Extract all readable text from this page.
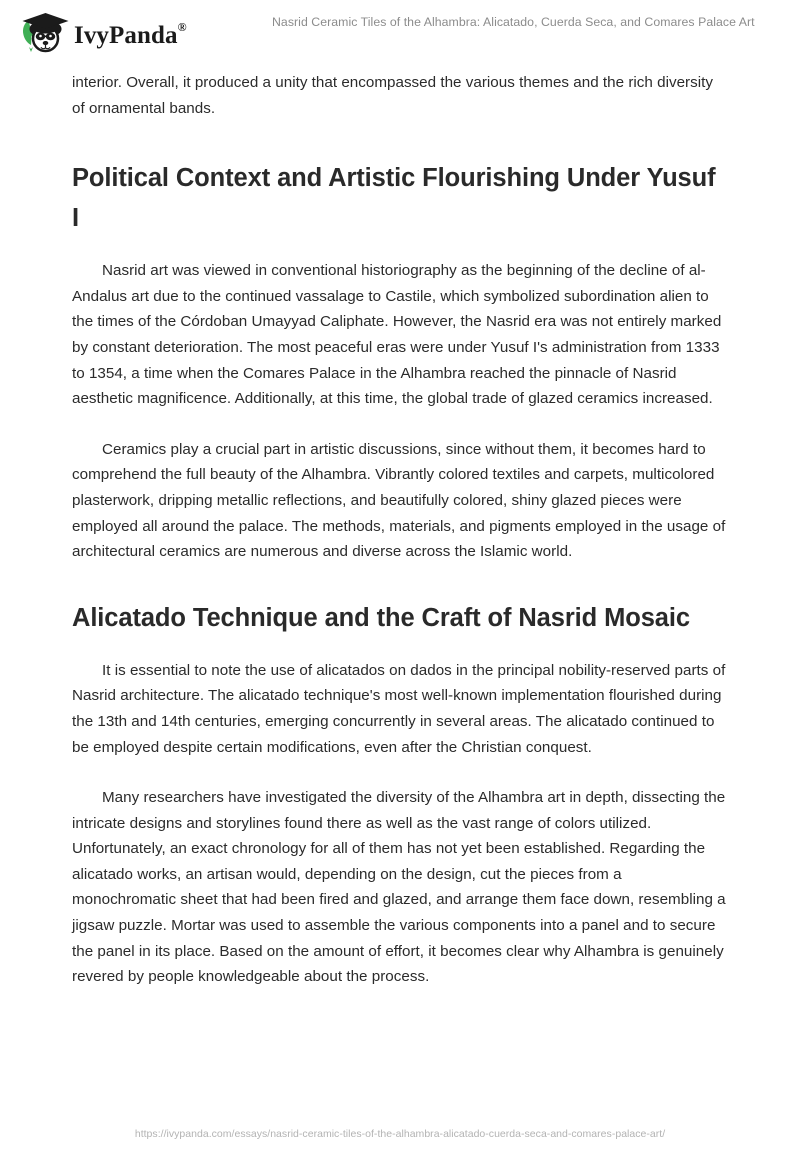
IvyPanda®	Nasrid Ceramic Tiles of the Alhambra: Alicatado, Cuerda Seca, and Comares Palace Art

interior. Overall, it produced a unity that encompassed the various themes and the rich diversity of ornamental bands.

Political Context and Artistic Flourishing Under Yusuf I

Nasrid art was viewed in conventional historiography as the beginning of the decline of al-Andalus art due to the continued vassalage to Castile, which symbolized subordination alien to the times of the Córdoban Umayyad Caliphate. However, the Nasrid era was not entirely marked by constant deterioration. The most peaceful eras were under Yusuf I's administration from 1333 to 1354, a time when the Comares Palace in the Alhambra reached the pinnacle of Nasrid aesthetic magnificence. Additionally, at this time, the global trade of glazed ceramics increased.

Ceramics play a crucial part in artistic discussions, since without them, it becomes hard to comprehend the full beauty of the Alhambra. Vibrantly colored textiles and carpets, multicolored plasterwork, dripping metallic reflections, and beautifully colored, shiny glazed pieces were employed all around the palace. The methods, materials, and pigments employed in the usage of architectural ceramics are numerous and diverse across the Islamic world.

Alicatado Technique and the Craft of Nasrid Mosaic

It is essential to note the use of alicatados on dados in the principal nobility-reserved parts of Nasrid architecture. The alicatado technique's most well-known implementation flourished during the 13th and 14th centuries, emerging concurrently in several areas. The alicatado continued to be employed despite certain modifications, even after the Christian conquest.

Many researchers have investigated the diversity of the Alhambra art in depth, dissecting the intricate designs and storylines found there as well as the vast range of colors utilized. Unfortunately, an exact chronology for all of them has not yet been established. Regarding the alicatado works, an artisan would, depending on the design, cut the pieces from a monochromatic sheet that had been fired and glazed, and arrange them face down, resembling a jigsaw puzzle. Mortar was used to assemble the various components into a panel and to secure the panel in its place. Based on the amount of effort, it becomes clear why Alhambra is genuinely revered by people knowledgeable about the process.

https://ivypanda.com/essays/nasrid-ceramic-tiles-of-the-alhambra-alicatado-cuerda-seca-and-comares-palace-art/
